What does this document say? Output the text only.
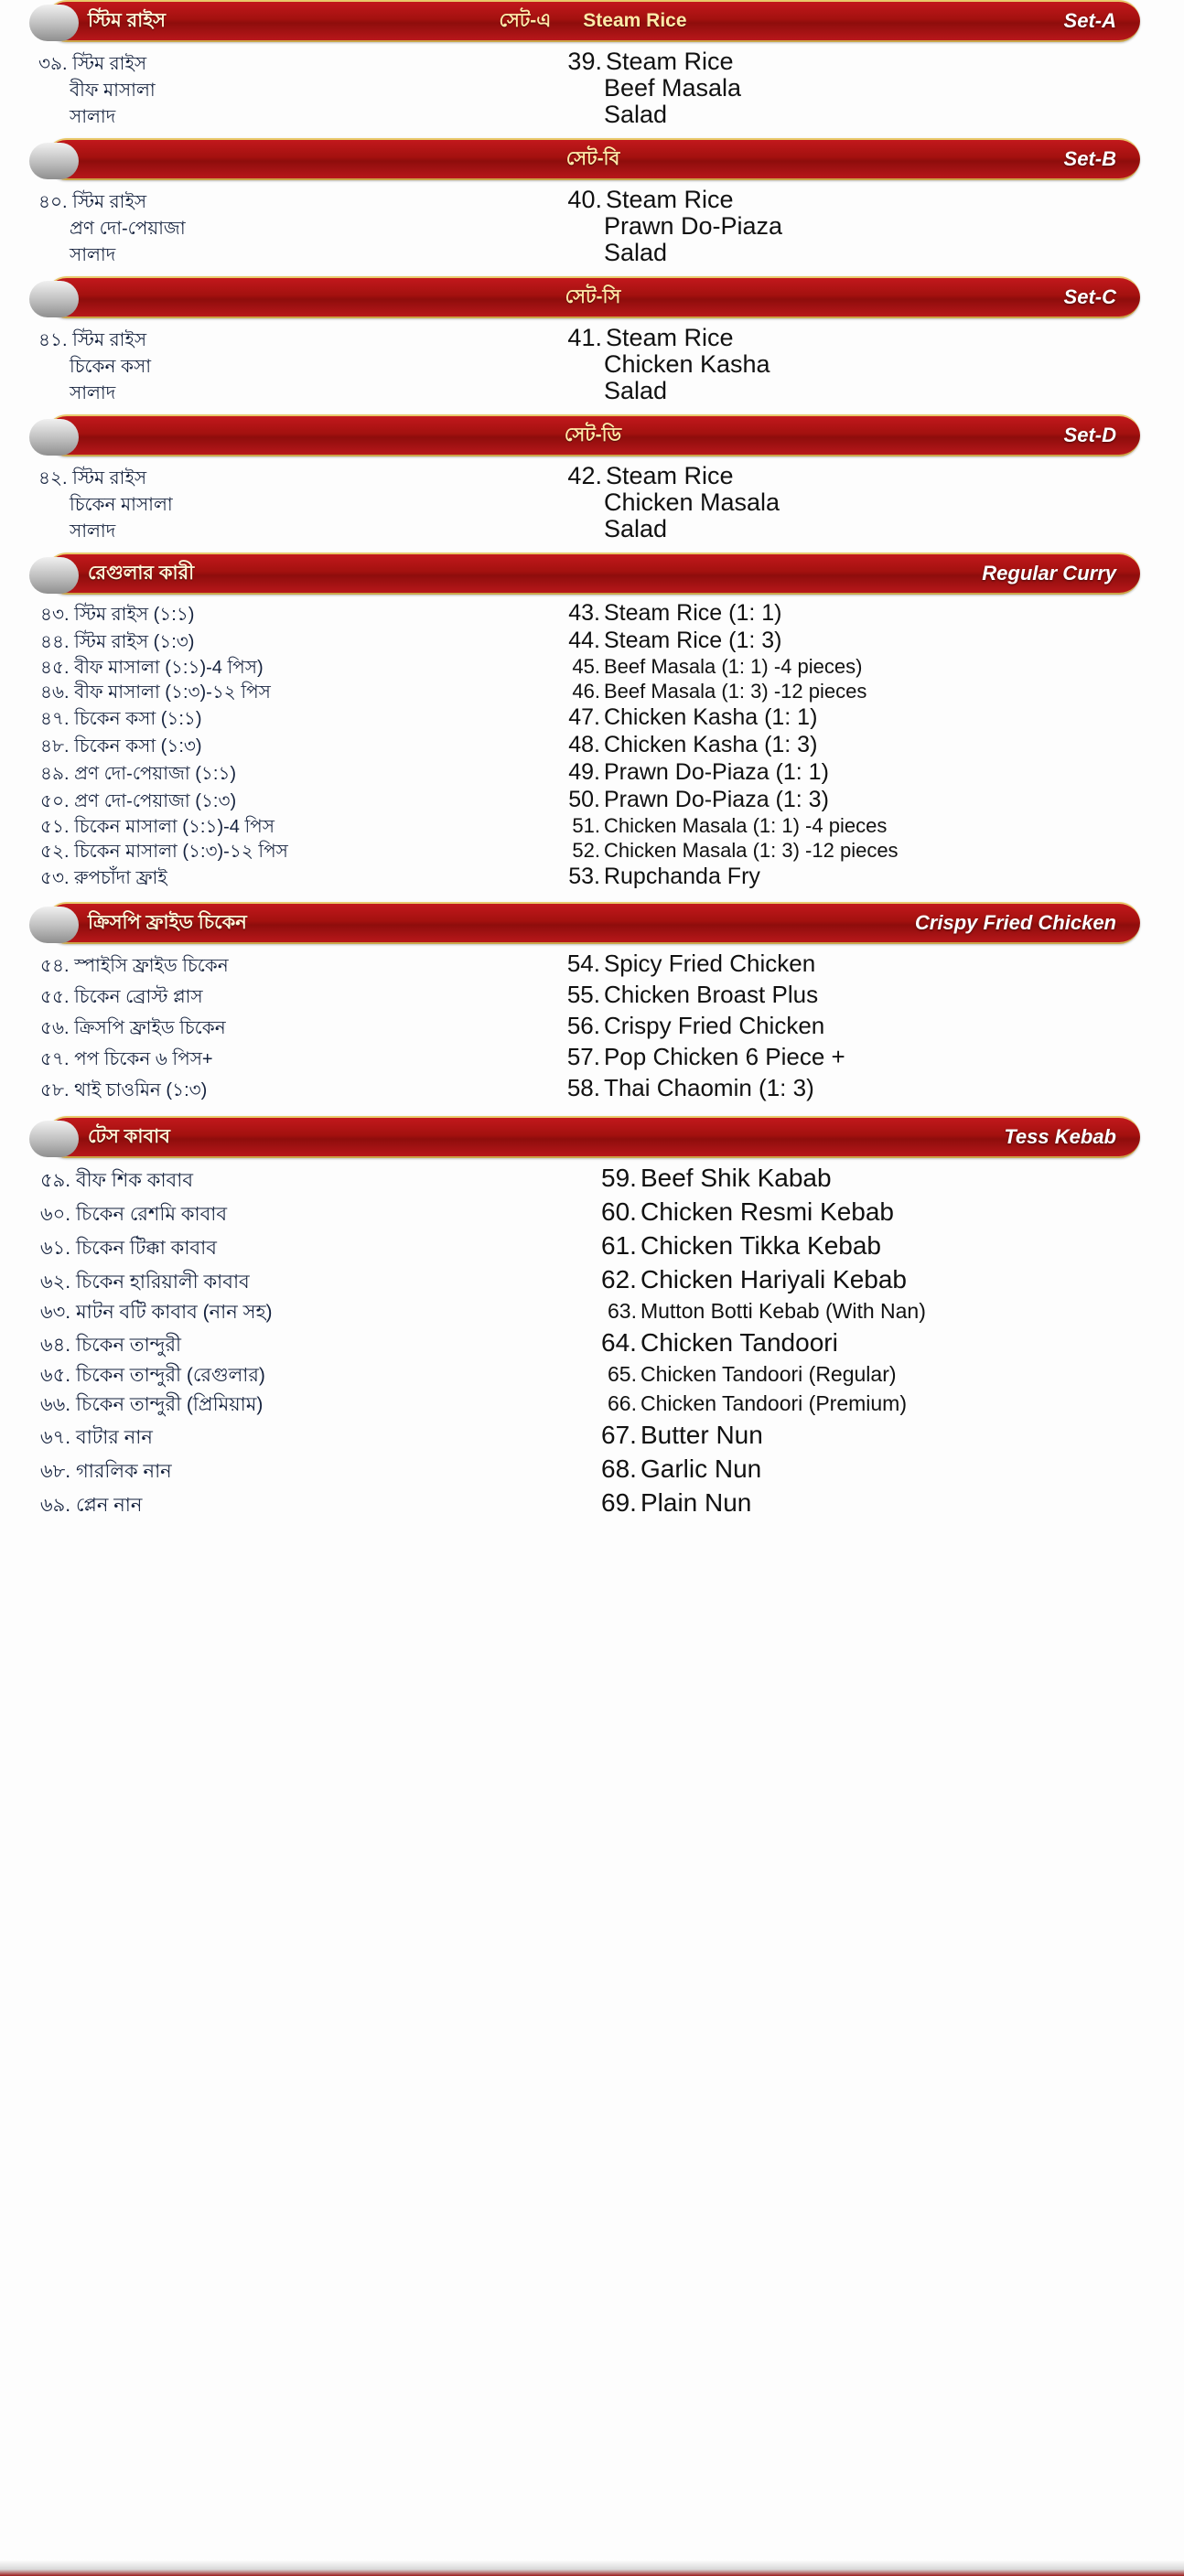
স্টিম রাইস	সেট-এ Steam Rice	Set-A
৩৯. স্টিম রাইস	39. Steam Rice
বীফ মাসালা	Beef Masala
সালাদ	Salad
সেট-বি	Set-B
৪০. স্টিম রাইস	40. Steam Rice
প্রণ দো-পেয়াজা	Prawn Do-Piaza
সালাদ	Salad
সেট-সি	Set-C
৪১. স্টিম রাইস	41. Steam Rice
চিকেন কসা	Chicken Kasha
সালাদ	Salad
সেট-ডি	Set-D
৪২. স্টিম রাইস	42. Steam Rice
চিকেন মাসালা	Chicken Masala
সালাদ	Salad
রেগুলার কারী	Regular Curry
৪৩. স্টিম রাইস (১:১)	43. Steam Rice (1: 1)
৪৪. স্টিম রাইস (১:৩)	44. Steam Rice (1: 3)
৪৫. বীফ মাসালা (১:১)-4 পিস)	45. Beef Masala (1: 1) -4 pieces)
৪৬. বীফ মাসালা (১:৩)-১২ পিস	46. Beef Masala (1: 3) -12 pieces
৪৭. চিকেন কসা (১:১)	47. Chicken Kasha (1: 1)
৪৮. চিকেন কসা (১:৩)	48. Chicken Kasha (1: 3)
৪৯. প্রণ দো-পেয়াজা (১:১)	49. Prawn Do-Piaza (1: 1)
৫০. প্রণ দো-পেয়াজা (১:৩)	50. Prawn Do-Piaza (1: 3)
৫১. চিকেন মাসালা (১:১)-4 পিস	51. Chicken Masala (1: 1) -4 pieces
৫২. চিকেন মাসালা (১:৩)-১২ পিস	52. Chicken Masala (1: 3) -12 pieces
৫৩. রুপচাঁদা ফ্রাই	53. Rupchanda Fry
ক্রিসপি ফ্রাইড চিকেন	Crispy Fried Chicken
৫৪. স্পাইসি ফ্রাইড চিকেন	54. Spicy Fried Chicken
৫৫. চিকেন ব্রোস্ট প্লাস	55. Chicken Broast Plus
৫৬. ক্রিসপি ফ্রাইড চিকেন	56. Crispy Fried Chicken
৫৭. পপ চিকেন ৬ পিস+	57. Pop Chicken 6 Piece +
৫৮. থাই চাওমিন (১:৩)	58. Thai Chaomin (1: 3)
টেস কাবাব	Tess Kebab
৫৯. বীফ শিক কাবাব	59. Beef Shik Kabab
৬০. চিকেন রেশমি কাবাব	60. Chicken Resmi Kebab
৬১. চিকেন টিক্কা কাবাব	61. Chicken Tikka Kebab
৬২. চিকেন হারিয়ালী কাবাব	62. Chicken Hariyali Kebab
৬৩. মাটন বটি কাবাব (নান সহ)	63. Mutton Botti Kebab (With Nan)
৬৪. চিকেন তান্দুরী	64. Chicken Tandoori
৬৫. চিকেন তান্দুরী (রেগুলার)	65. Chicken Tandoori (Regular)
৬৬. চিকেন তান্দুরী (প্রিমিয়াম)	66. Chicken Tandoori (Premium)
৬৭. বাটার নান	67. Butter Nun
৬৮. গারলিক নান	68. Garlic Nun
৬৯. প্লেন নান	69. Plain Nun
